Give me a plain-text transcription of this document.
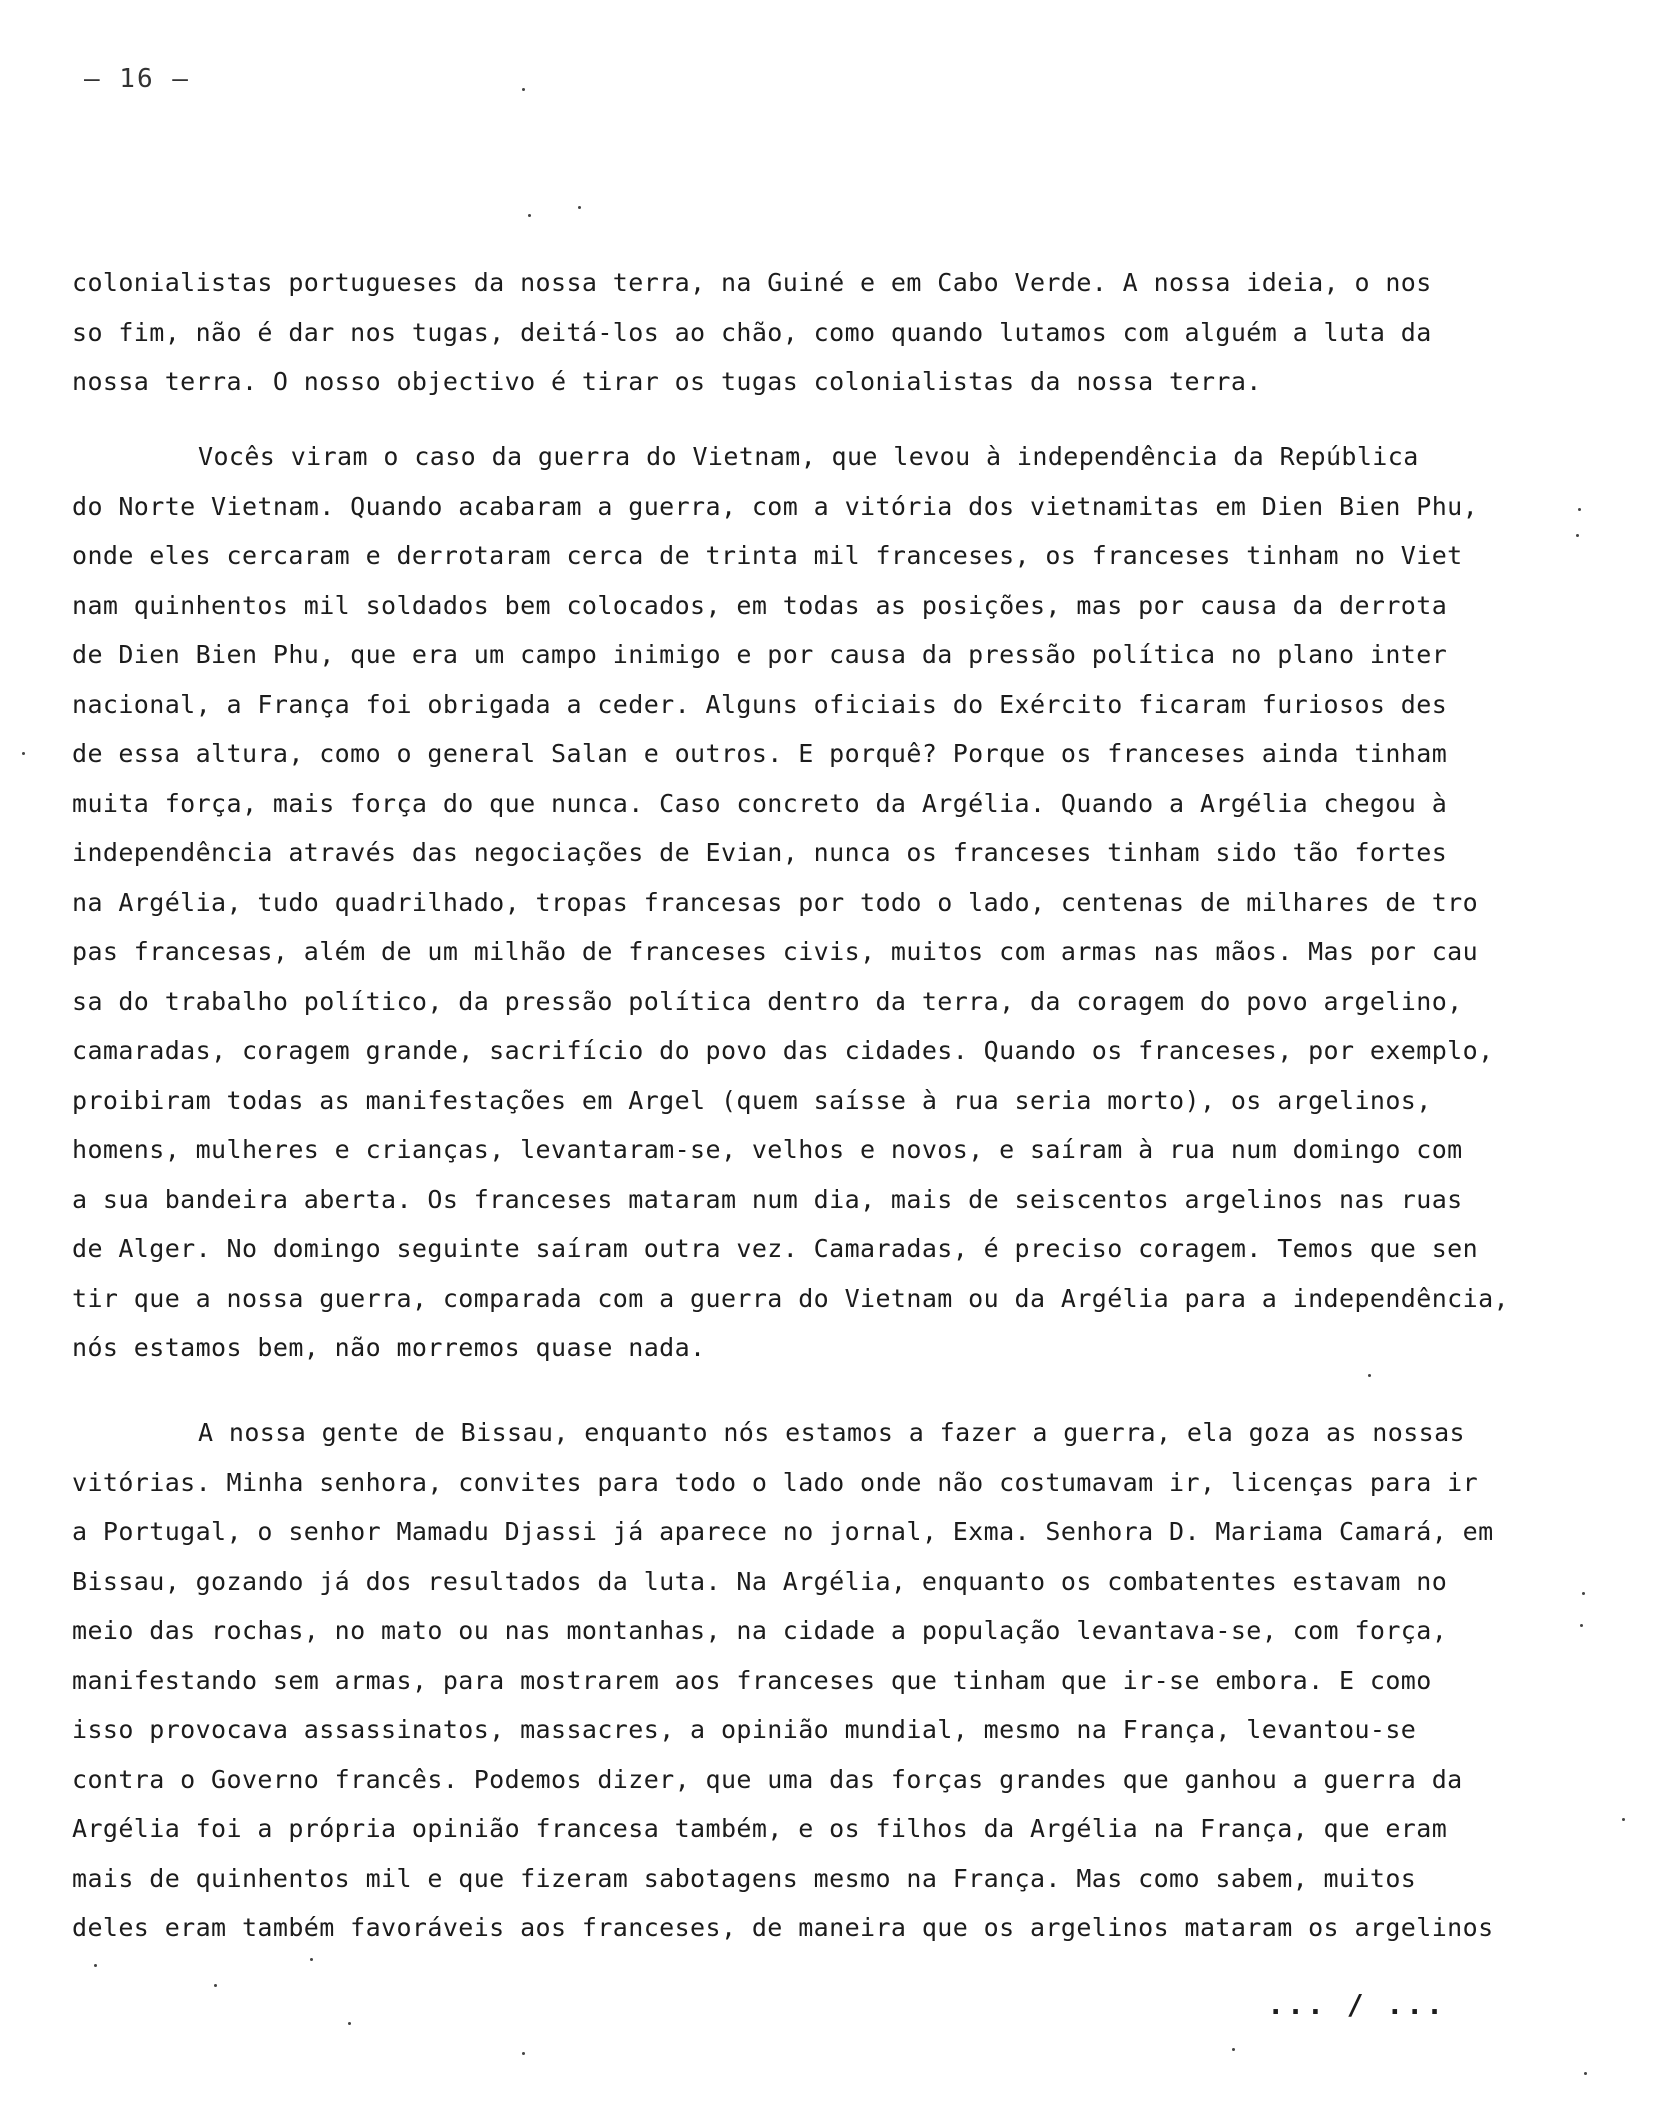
– 16 –
colonialistas portugueses da nossa terra, na Guiné e em Cabo Verde. A nossa ideia, o nos
so fim, não é dar nos tugas, deitá-los ao chão, como quando lutamos com alguém a luta da
nossa terra. O nosso objectivo é tirar os tugas colonialistas da nossa terra.
Vocês viram o caso da guerra do Vietnam, que levou à independência da República
do Norte Vietnam. Quando acabaram a guerra, com a vitória dos vietnamitas em Dien Bien Phu,
onde eles cercaram e derrotaram cerca de trinta mil franceses, os franceses tinham no Viet
nam quinhentos mil soldados bem colocados, em todas as posições, mas por causa da derrota
de Dien Bien Phu, que era um campo inimigo e por causa da pressão política no plano inter
nacional, a França foi obrigada a ceder. Alguns oficiais do Exército ficaram furiosos des
de essa altura, como o general Salan e outros. E porquê? Porque os franceses ainda tinham
muita força, mais força do que nunca. Caso concreto da Argélia. Quando a Argélia chegou à
independência através das negociações de Evian, nunca os franceses tinham sido tão fortes
na Argélia, tudo quadrilhado, tropas francesas por todo o lado, centenas de milhares de tro
pas francesas, além de um milhão de franceses civis, muitos com armas nas mãos. Mas por cau
sa do trabalho político, da pressão política dentro da terra, da coragem do povo argelino,
camaradas, coragem grande, sacrifício do povo das cidades. Quando os franceses, por exemplo,
proibiram todas as manifestações em Argel (quem saísse à rua seria morto), os argelinos,
homens, mulheres e crianças, levantaram-se, velhos e novos, e saíram à rua num domingo com
a sua bandeira aberta. Os franceses mataram num dia, mais de seiscentos argelinos nas ruas
de Alger. No domingo seguinte saíram outra vez. Camaradas, é preciso coragem. Temos que sen
tir que a nossa guerra, comparada com a guerra do Vietnam ou da Argélia para a independência,
nós estamos bem, não morremos quase nada.
A nossa gente de Bissau, enquanto nós estamos a fazer a guerra, ela goza as nossas
vitórias. Minha senhora, convites para todo o lado onde não costumavam ir, licenças para ir
a Portugal, o senhor Mamadu Djassi já aparece no jornal, Exma. Senhora D. Mariama Camará, em
Bissau, gozando já dos resultados da luta. Na Argélia, enquanto os combatentes estavam no
meio das rochas, no mato ou nas montanhas, na cidade a população levantava-se, com força,
manifestando sem armas, para mostrarem aos franceses que tinham que ir-se embora. E como
isso provocava assassinatos, massacres, a opinião mundial, mesmo na França, levantou-se
contra o Governo francês. Podemos dizer, que uma das forças grandes que ganhou a guerra da
Argélia foi a própria opinião francesa também, e os filhos da Argélia na França, que eram
mais de quinhentos mil e que fizeram sabotagens mesmo na França. Mas como sabem, muitos
deles eram também favoráveis aos franceses, de maneira que os argelinos mataram os argelinos
... / ...
